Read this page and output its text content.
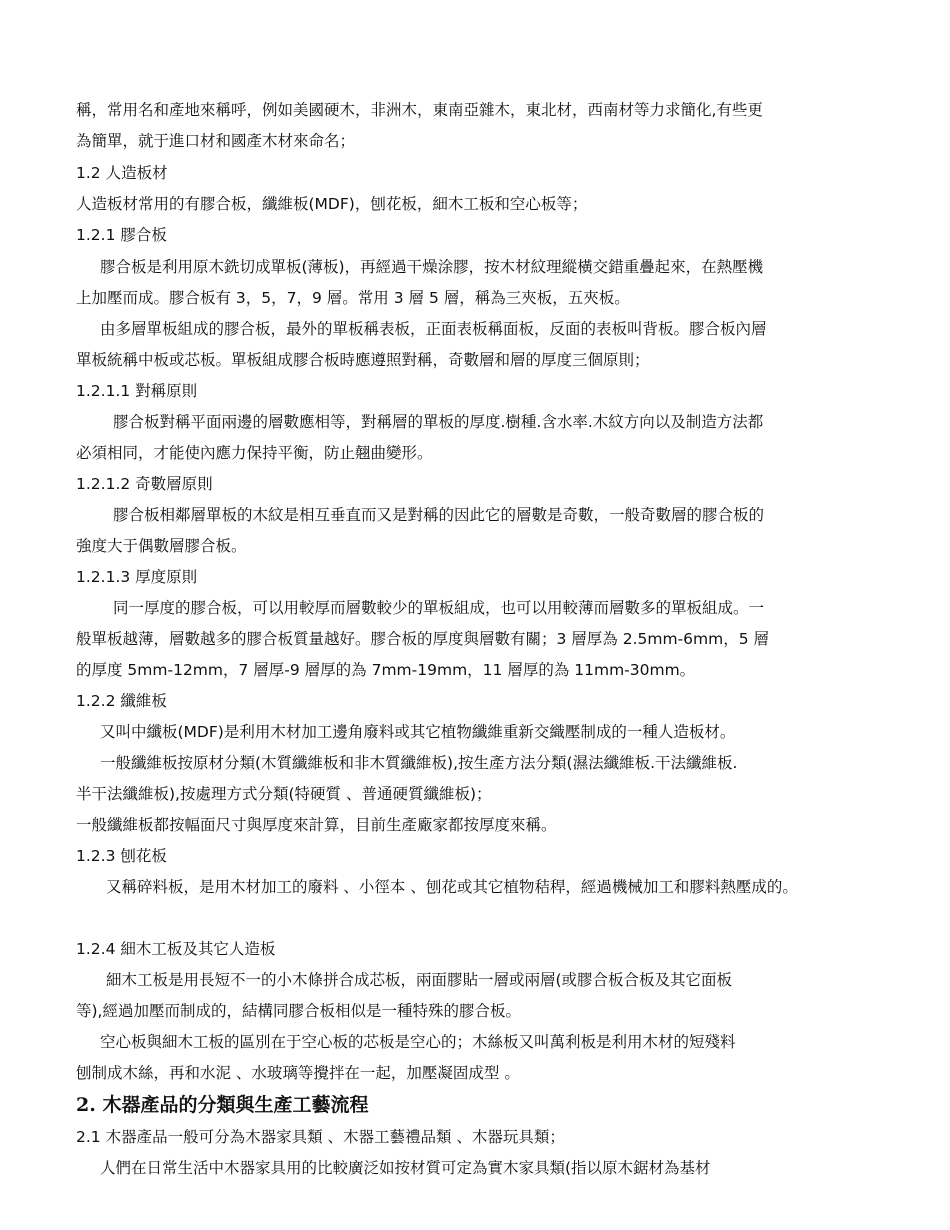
稱，常用名和產地來稱呼，例如美國硬木，非洲木，東南亞雜木，東北材，西南材等力求簡化,有些更
為簡單，就于進口材和國產木材來命名；
1.2 人造板材
人造板材常用的有膠合板，纖維板(MDF)，刨花板，細木工板和空心板等；
1.2.1 膠合板
膠合板是利用原木銑切成單板(薄板)，再經過干燥涂膠，按木材紋理縱橫交錯重疊起來，在熱壓機
上加壓而成。膠合板有 3，5，7，9 層。常用 3 層 5 層，稱為三夾板，五夾板。
由多層單板組成的膠合板，最外的單板稱表板，正面表板稱面板，反面的表板叫背板。膠合板內層
單板統稱中板或芯板。單板組成膠合板時應遵照對稱，奇數層和層的厚度三個原則；
1.2.1.1 對稱原則
膠合板對稱平面兩邊的層數應相等，對稱層的單板的厚度.樹種.含水率.木紋方向以及制造方法都
必須相同，才能使內應力保持平衡，防止翹曲變形。
1.2.1.2 奇數層原則
膠合板相鄰層單板的木紋是相互垂直而又是對稱的因此它的層數是奇數，一般奇數層的膠合板的
強度大于偶數層膠合板。
1.2.1.3 厚度原則
同一厚度的膠合板，可以用較厚而層數較少的單板組成，也可以用較薄而層數多的單板組成。一
般單板越薄，層數越多的膠合板質量越好。膠合板的厚度與層數有關；3 層厚為 2.5mm-6mm，5 層
的厚度 5mm-12mm，7 層厚-9 層厚的為 7mm-19mm，11 層厚的為 11mm-30mm。
1.2.2 纖維板
又叫中纖板(MDF)是利用木材加工邊角廢料或其它植物纖維重新交織壓制成的一種人造板材。
一般纖維板按原材分類(木質纖維板和非木質纖維板),按生產方法分類(濕法纖維板.干法纖維板.
半干法纖維板),按處理方式分類(特硬質 、普通硬質纖維板)；
一般纖維板都按幅面尺寸與厚度來計算，目前生產廠家都按厚度來稱。
1.2.3 刨花板
又稱碎料板，是用木材加工的廢料 、小徑本 、刨花或其它植物秸稈，經過機械加工和膠料熱壓成的。
1.2.4 細木工板及其它人造板
細木工板是用長短不一的小木條拼合成芯板，兩面膠貼一層或兩層(或膠合板合板及其它面板
等),經過加壓而制成的，結構同膠合板相似是一種特殊的膠合板。
空心板與細木工板的區別在于空心板的芯板是空心的；木絲板又叫萬利板是利用木材的短殘料
刨制成木絲，再和水泥 、水玻璃等攪拌在一起，加壓凝固成型 。
2. 木器產品的分類與生產工藝流程
2.1 木器產品一般可分為木器家具類 、木器工藝禮品類 、木器玩具類；
人們在日常生活中木器家具用的比較廣泛如按材質可定為實木家具類(指以原木鋸材為基材
